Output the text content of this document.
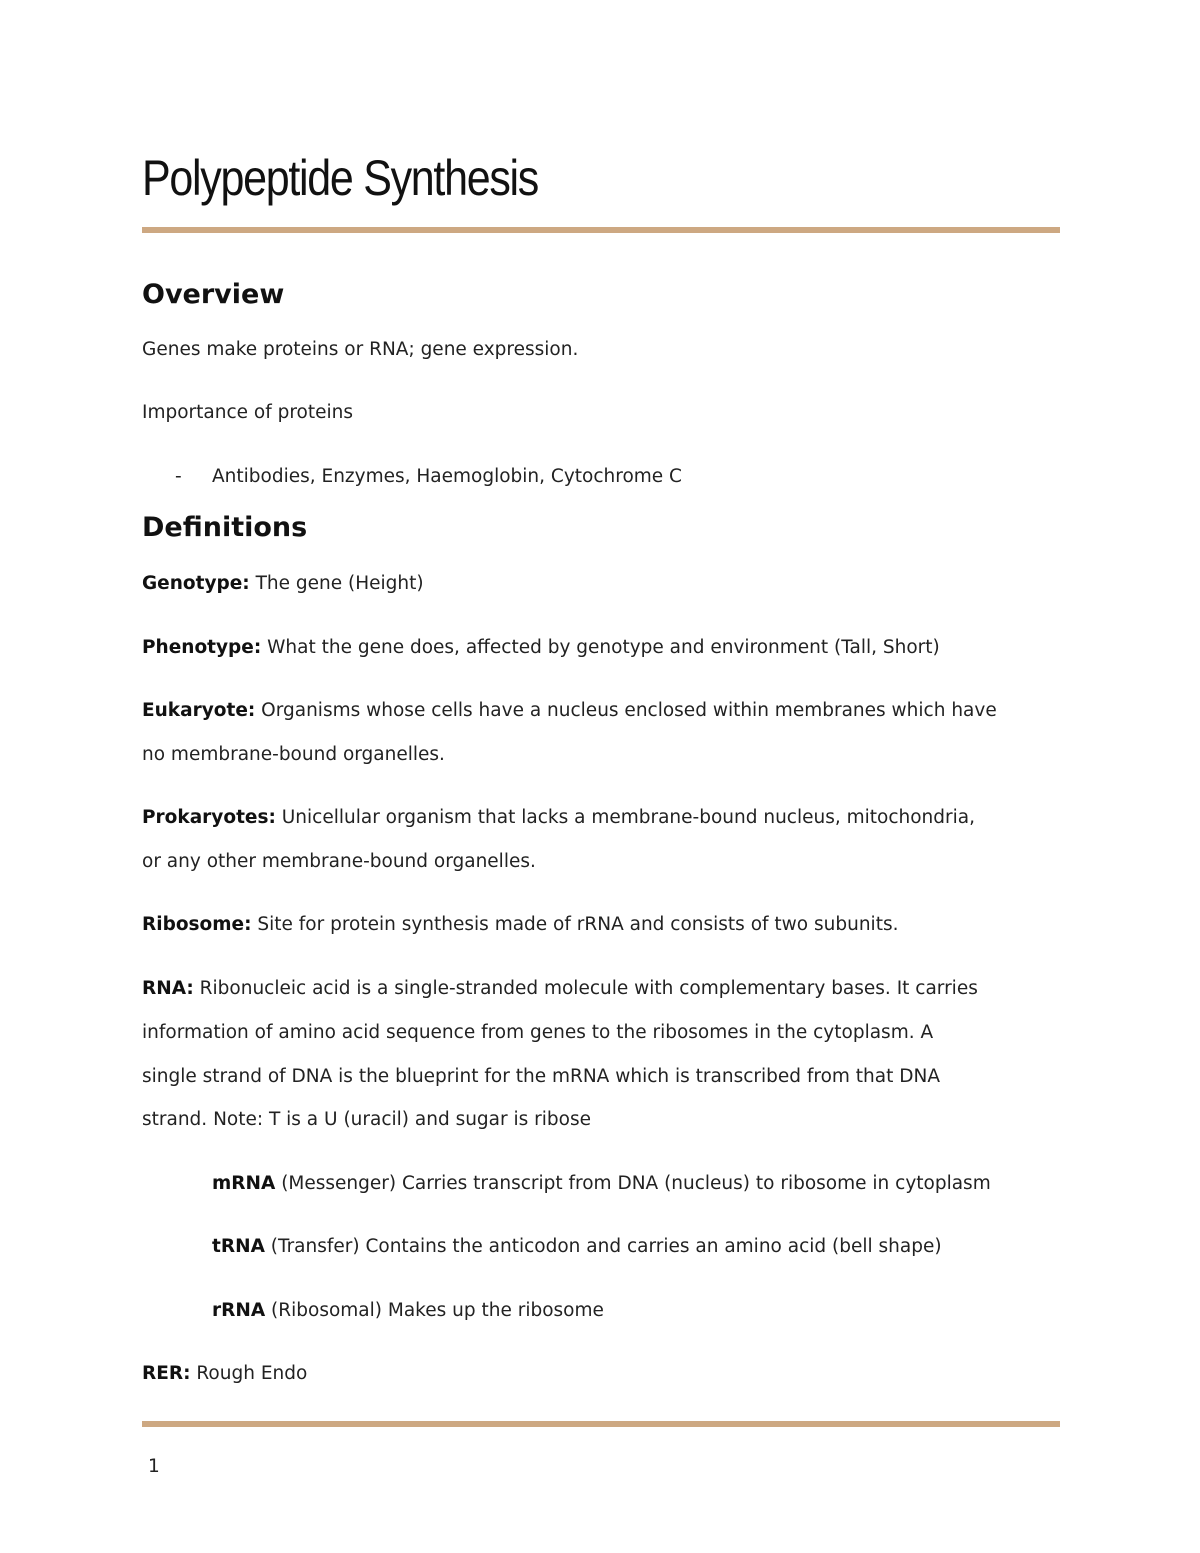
Polypeptide Synthesis
Overview

Genes make proteins or RNA; gene expression.

Importance of proteins

- Antibodies, Enzymes, Haemoglobin, Cytochrome C

Definitions

Genotype: The gene (Height)

Phenotype: What the gene does, affected by genotype and environment (Tall, Short)

Eukaryote: Organisms whose cells have a nucleus enclosed within membranes which have

no membrane-bound organelles.

Prokaryotes: Unicellular organism that lacks a membrane-bound nucleus, mitochondria,

or any other membrane-bound organelles.

Ribosome: Site for protein synthesis made of rRNA and consists of two subunits.

RNA: Ribonucleic acid is a single-stranded molecule with complementary bases. It carries

information of amino acid sequence from genes to the ribosomes in the cytoplasm. A

single strand of DNA is the blueprint for the mRNA which is transcribed from that DNA

strand. Note: T is a U (uracil) and sugar is ribose

mRNA (Messenger) Carries transcript from DNA (nucleus) to ribosome in cytoplasm

tRNA (Transfer) Contains the anticodon and carries an amino acid (bell shape)

rRNA (Ribosomal) Makes up the ribosome

RER: Rough Endo

1
